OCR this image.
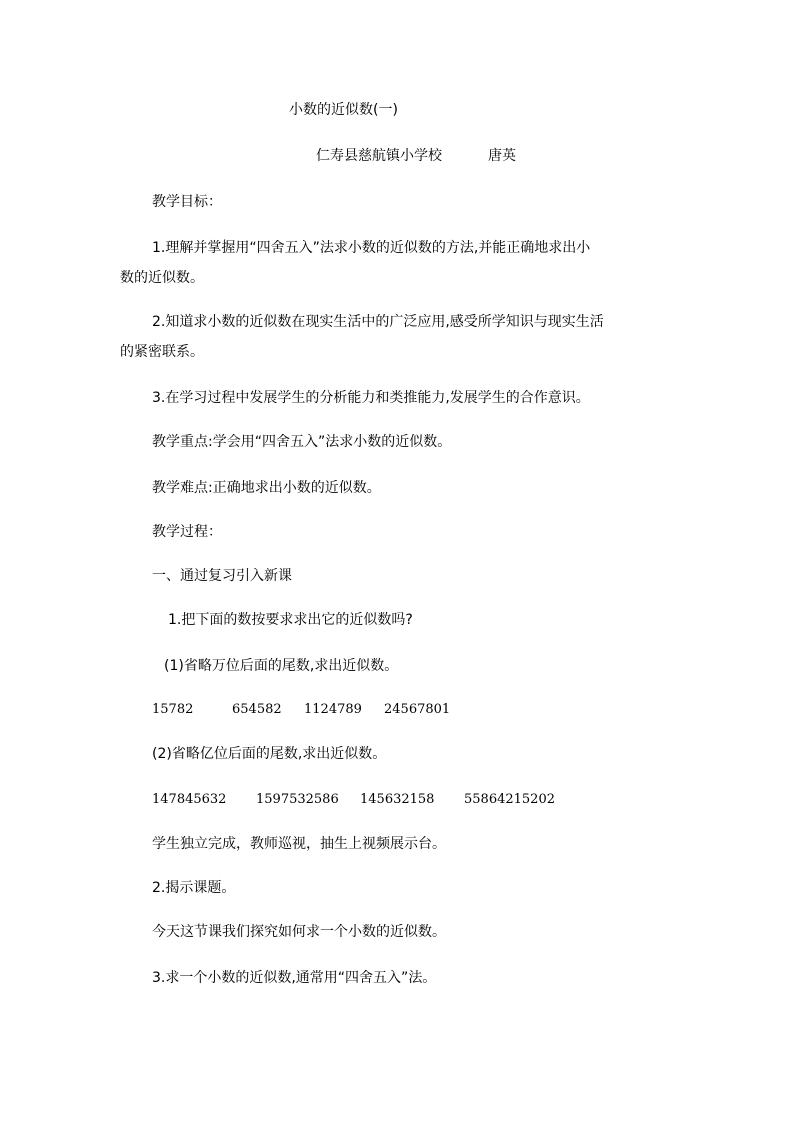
小数的近似数(一)
仁寿县慈航镇小学校	唐英
教学目标：
1.理解并掌握用“四舍五入”法求小数的近似数的方法,并能正确地求出小
数的近似数。
2.知道求小数的近似数在现实生活中的广泛应用,感受所学知识与现实生活
的紧密联系。
3.在学习过程中发展学生的分析能力和类推能力,发展学生的合作意识。
教学重点:学会用“四舍五入”法求小数的近似数。
教学难点:正确地求出小数的近似数。
教学过程：
一、通过复习引入新课
1.把下面的数按要求求出它的近似数吗?
(1)省略万位后面的尾数,求出近似数。
15782	654582 1124789 24567801
(2)省略亿位后面的尾数,求出近似数。
147845632 1597532586 145632158 55864215202
学生独立完成，教师巡视，抽生上视频展示台。
2.揭示课题。
今天这节课我们探究如何求一个小数的近似数。
3.求一个小数的近似数,通常用“四舍五入”法。
